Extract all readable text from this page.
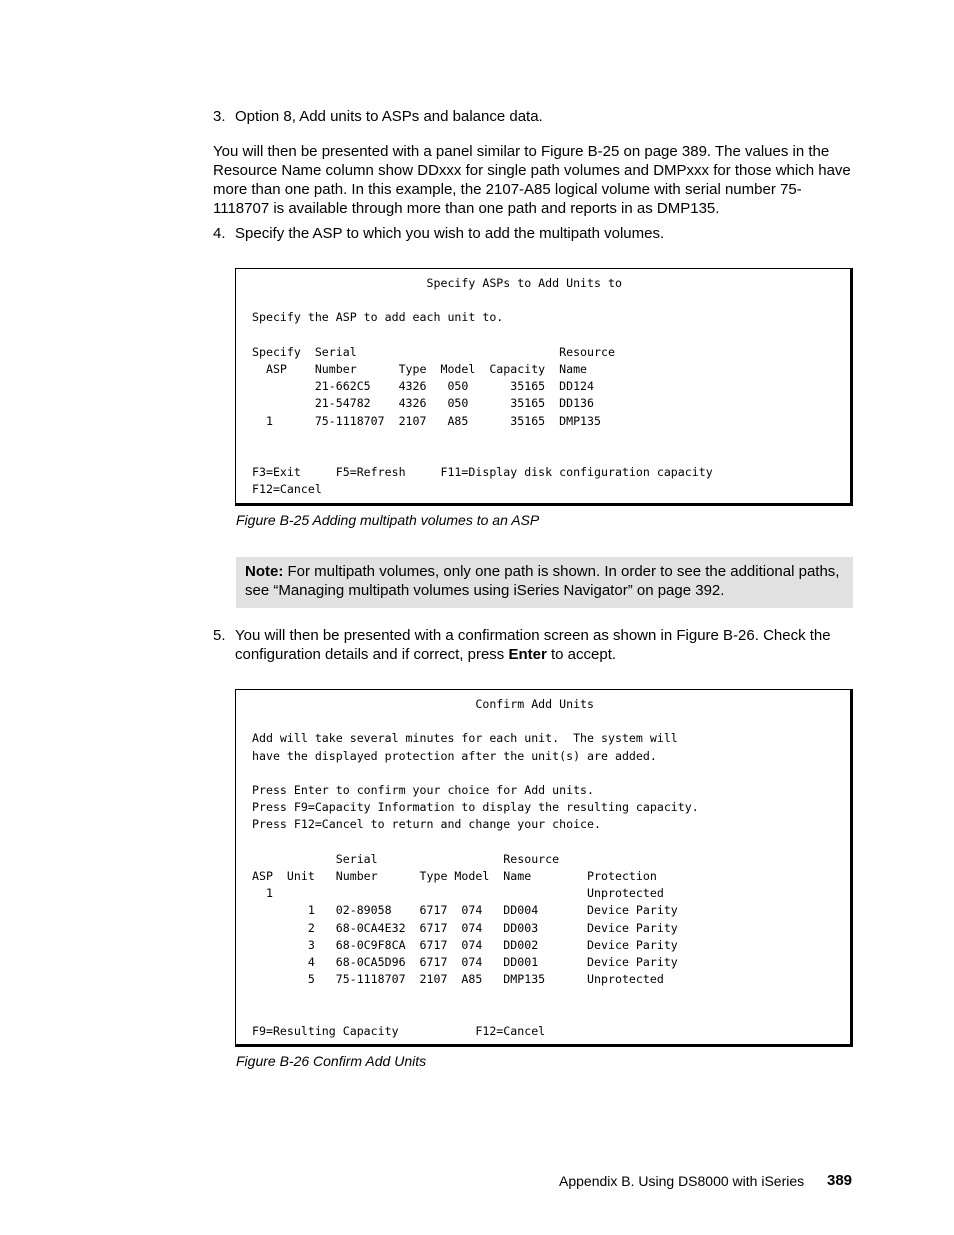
3. Option 8, Add units to ASPs and balance data.
You will then be presented with a panel similar to Figure B-25 on page 389. The values in the Resource Name column show DDxxx for single path volumes and DMPxxx for those which have more than one path. In this example, the 2107-A85 logical volume with serial number 75-1118707 is available through more than one path and reports in as DMP135.
4. Specify the ASP to which you wish to add the multipath volumes.
Specify ASPs to Add Units to

Specify the ASP to add each unit to.

Specify  Serial                             Resource
ASP    Number      Type  Model  Capacity  Name
21-662C5    4326   050      35165  DD124
21-54782    4326   050      35165  DD136
1      75-1118707  2107   A85      35165  DMP135

F3=Exit     F5=Refresh     F11=Display disk configuration capacity
F12=Cancel
Figure B-25 Adding multipath volumes to an ASP
Note: For multipath volumes, only one path is shown. In order to see the additional paths, see “Managing multipath volumes using iSeries Navigator” on page 392.
5. You will then be presented with a confirmation screen as shown in Figure B-26. Check the configuration details and if correct, press Enter to accept.
Confirm Add Units

Add will take several minutes for each unit.  The system will
have the displayed protection after the unit(s) are added.

Press Enter to confirm your choice for Add units.
Press F9=Capacity Information to display the resulting capacity.
Press F12=Cancel to return and change your choice.

Serial                  Resource
ASP  Unit   Number      Type Model  Name        Protection
1                                             Unprotected
1   02-89058    6717  074   DD004       Device Parity
2   68-0CA4E32  6717  074   DD003       Device Parity
3   68-0C9F8CA  6717  074   DD002       Device Parity
4   68-0CA5D96  6717  074   DD001       Device Parity
5   75-1118707  2107  A85   DMP135      Unprotected

F9=Resulting Capacity           F12=Cancel
Figure B-26 Confirm Add Units
Appendix B. Using DS8000 with iSeries 389
